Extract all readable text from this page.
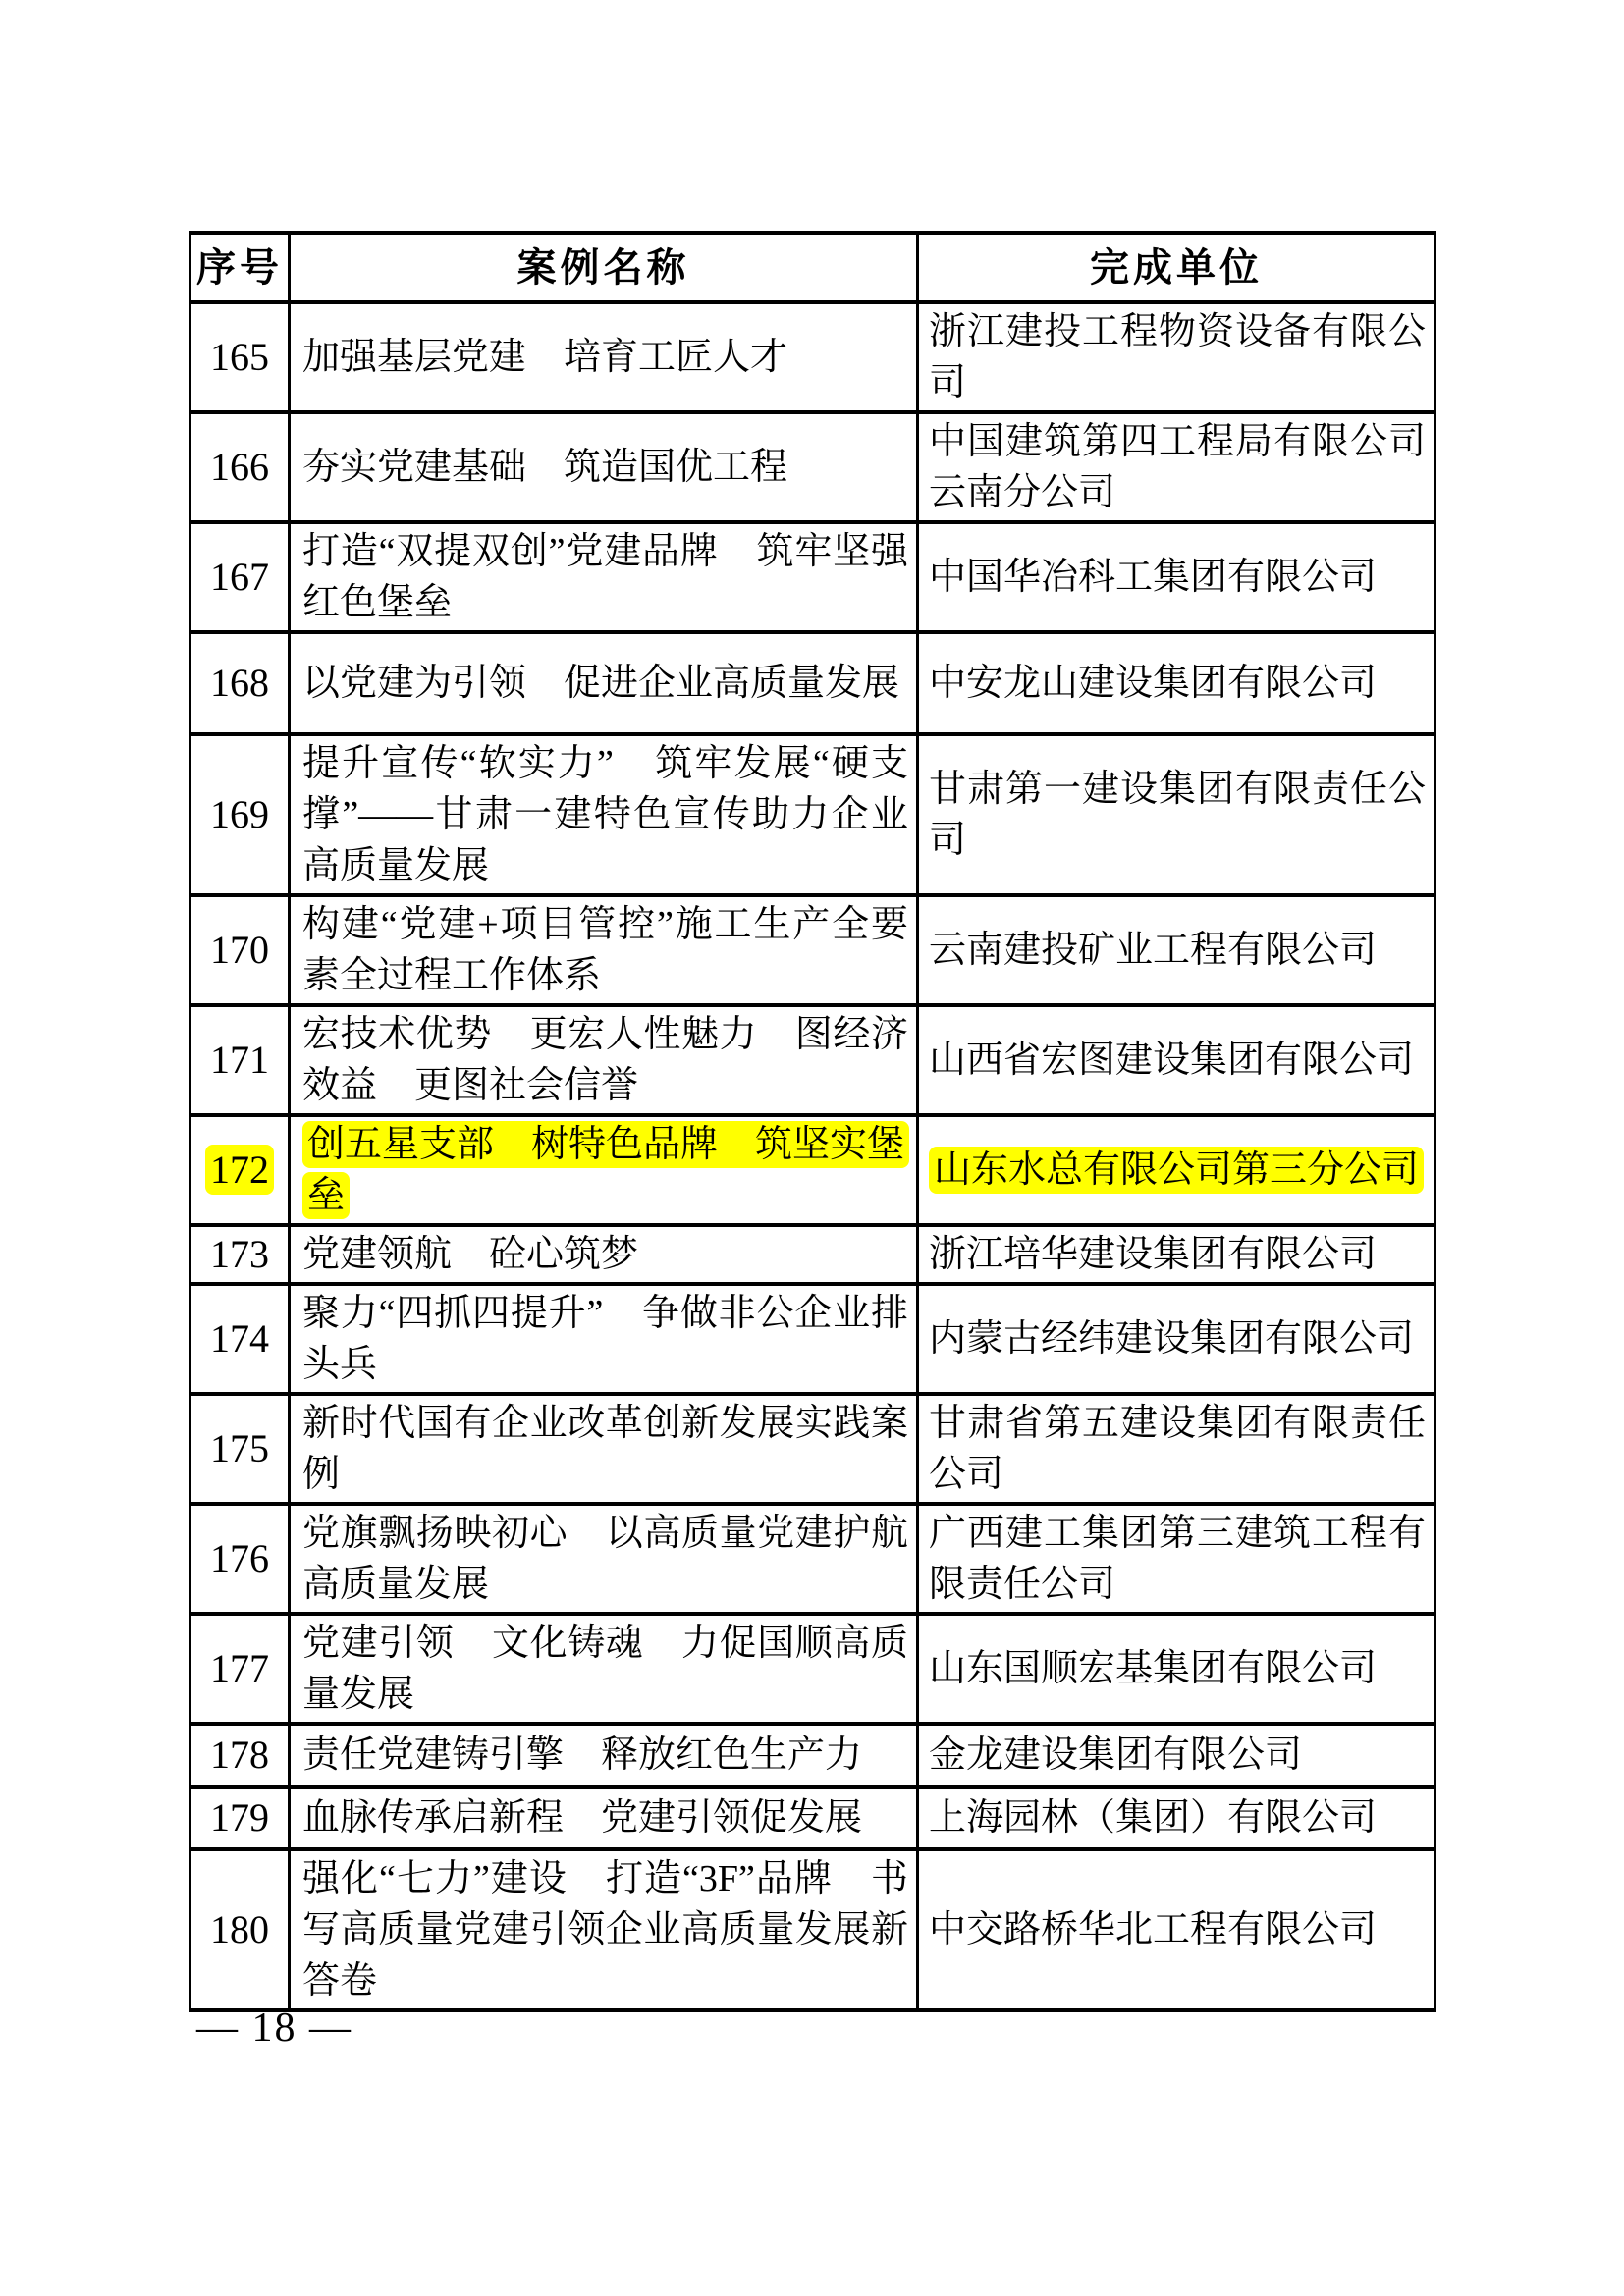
序号	案例名称	完成单位
165	加强基层党建　培育工匠人才	浙江建投工程物资设备有限公司
166	夯实党建基础　筑造国优工程	中国建筑第四工程局有限公司云南分公司
167	打造“双提双创”党建品牌　筑牢坚强红色堡垒	中国华冶科工集团有限公司
168	以党建为引领　促进企业高质量发展	中安龙山建设集团有限公司
169	提升宣传“软实力”　筑牢发展“硬支撑”——甘肃一建特色宣传助力企业高质量发展	甘肃第一建设集团有限责任公司
170	构建“党建+项目管控”施工生产全要素全过程工作体系	云南建投矿业工程有限公司
171	宏技术优势　更宏人性魅力　图经济效益　更图社会信誉	山西省宏图建设集团有限公司
172	创五星支部　树特色品牌　筑坚实堡垒	山东水总有限公司第三分公司
173	党建领航　砼心筑梦	浙江培华建设集团有限公司
174	聚力“四抓四提升”　争做非公企业排头兵	内蒙古经纬建设集团有限公司
175	新时代国有企业改革创新发展实践案例	甘肃省第五建设集团有限责任公司
176	党旗飘扬映初心　以高质量党建护航高质量发展	广西建工集团第三建筑工程有限责任公司
177	党建引领　文化铸魂　力促国顺高质量发展	山东国顺宏基集团有限公司
178	责任党建铸引擎　释放红色生产力	金龙建设集团有限公司
179	血脉传承启新程　党建引领促发展	上海园林（集团）有限公司
180	强化“七力”建设　打造“3F”品牌　书写高质量党建引领企业高质量发展新答卷	中交路桥华北工程有限公司
— 18 —
